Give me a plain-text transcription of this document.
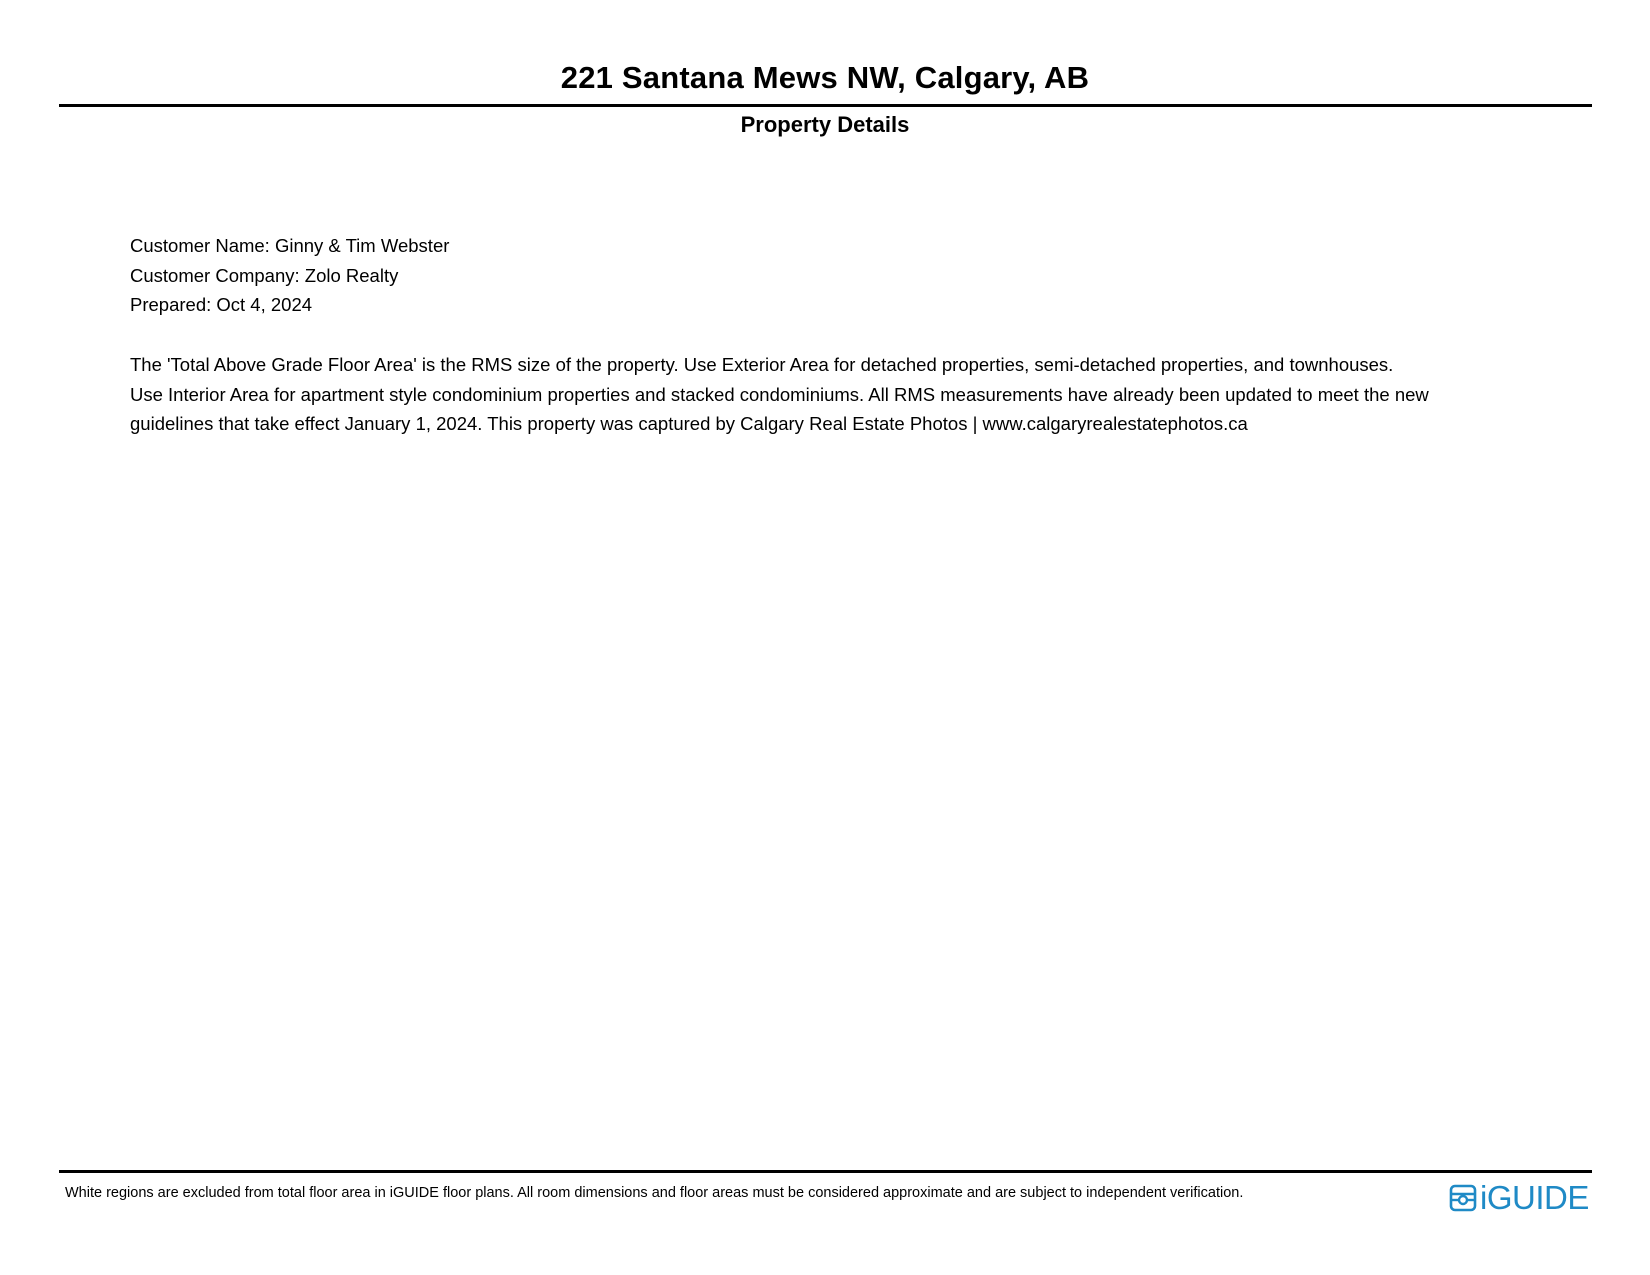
221 Santana Mews NW, Calgary, AB
Property Details
Customer Name: Ginny & Tim Webster
Customer Company: Zolo Realty
Prepared: Oct 4, 2024
The 'Total Above Grade Floor Area' is the RMS size of the property. Use Exterior Area for detached properties, semi-detached properties, and townhouses.
Use Interior Area for apartment style condominium properties and stacked condominiums. All RMS measurements have already been updated to meet the new
guidelines that take effect January 1, 2024. This property was captured by Calgary Real Estate Photos | www.calgaryrealestatephotos.ca
White regions are excluded from total floor area in iGUIDE floor plans. All room dimensions and floor areas must be considered approximate and are subject to independent verification.	iGUIDE
